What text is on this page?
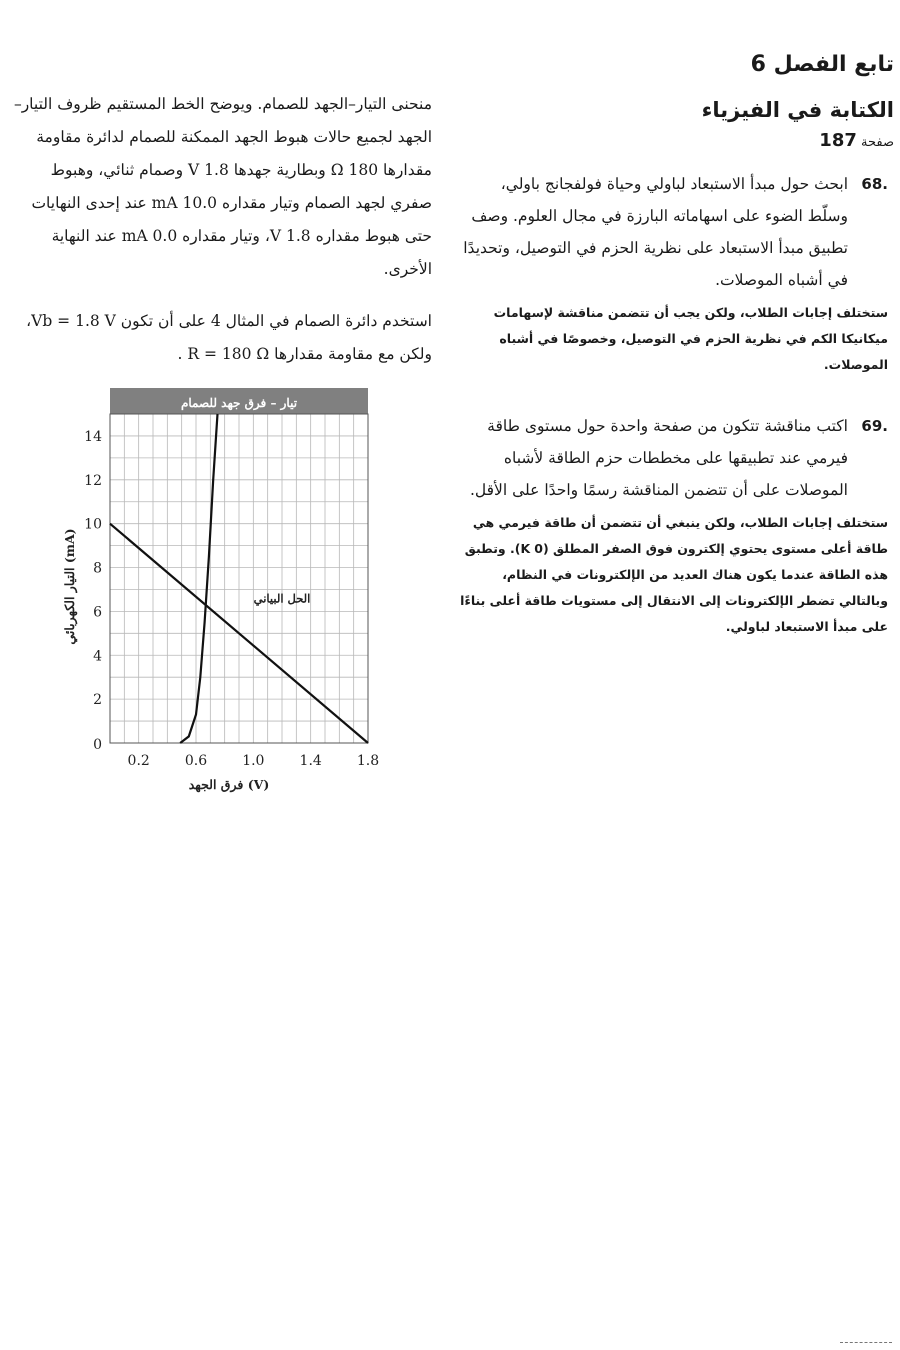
تابع الفصل 6
الكتابة في الفيزياء
صفحة 187
68.
ابحث حول مبدأ الاستبعاد لباولي وحياة فولفجانج باولي، وسلّط الضوء على اسهاماته البارزة في مجال العلوم. وصف تطبيق مبدأ الاستبعاد على نظرية الحزم في التوصيل، وتحديدًا في أشباه الموصلات.
ستختلف إجابات الطلاب، ولكن يجب أن تتضمن مناقشة لإسهامات ميكانيكا الكم في نظرية الحزم في التوصيل، وخصوصًا في أشباه الموصلات.
69.
اكتب مناقشة تتكون من صفحة واحدة حول مستوى طاقة فيرمي عند تطبيقها على مخططات حزم الطاقة لأشباه الموصلات على أن تتضمن المناقشة رسمًا واحدًا على الأقل.
ستختلف إجابات الطلاب، ولكن ينبغي أن تتضمن أن طاقة فيرمي هي طاقة أعلى مستوى يحتوي إلكترون فوق الصفر المطلق (0 K). وتطبق هذه الطاقة عندما يكون هناك العديد من الإلكترونات في النظام، وبالتالي تضطر الإلكترونات إلى الانتقال إلى مستويات طاقة أعلى بناءًا على مبدأ الاستبعاد لباولي.
منحنى التيار–الجهد للصمام. ويوضح الخط المستقيم ظروف التيار–الجهد لجميع حالات هبوط الجهد الممكنة للصمام لدائرة مقاومة مقدارها 180 Ω وبطارية جهدها 1.8 V وصمام ثنائي، وهبوط صفري لجهد الصمام وتيار مقداره 10.0 mA عند إحدى النهايات حتى هبوط مقداره 1.8 V، وتيار مقداره 0.0 mA عند النهاية الأخرى.
استخدم دائرة الصمام في المثال 4 على أن تكون Vb = 1.8 V، ولكن مع مقاومة مقدارها R = 180 Ω .
تيار – فرق جهد للصمام
0.2	0.6	1.0	1.4	1.8
0
2
4
6
8
10
12
14
فرق الجهد (V)
التيار الكهربائي (mA)
الحل البياني
